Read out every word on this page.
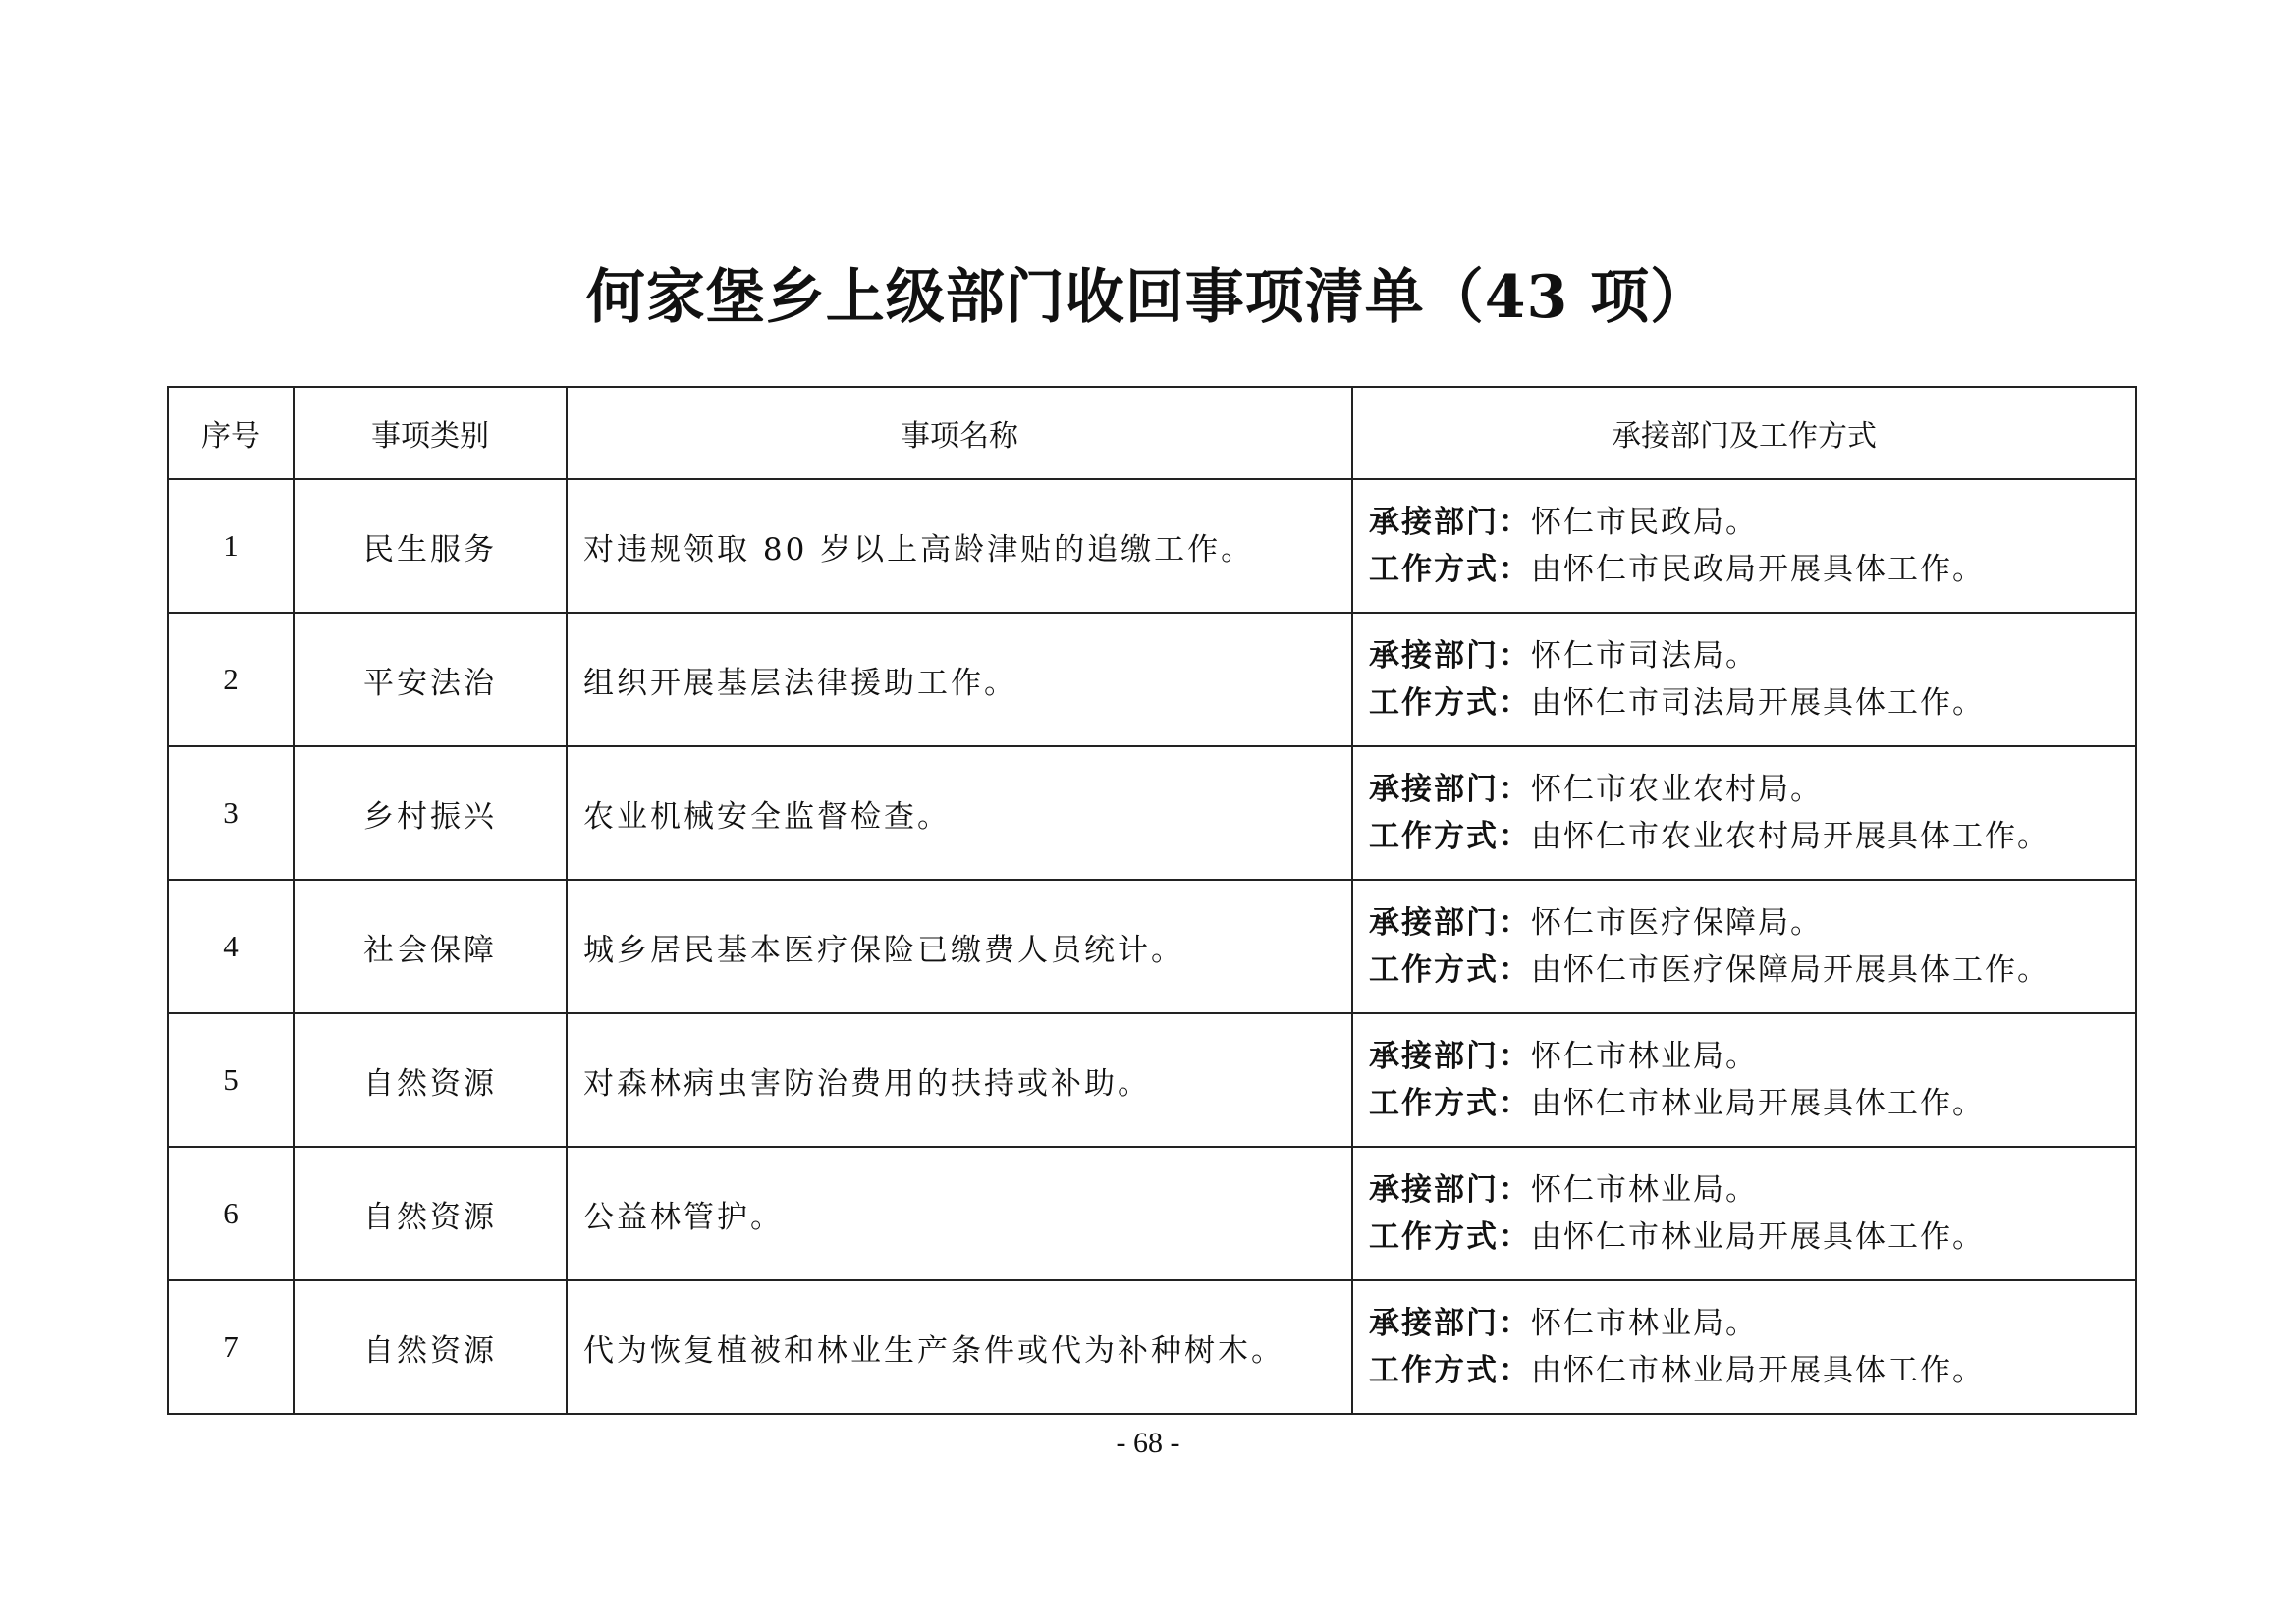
何家堡乡上级部门收回事项清单（43 项）
序号	事项类别	事项名称	承接部门及工作方式
1	民生服务	对违规领取 80 岁以上高龄津贴的追缴工作。	承接部门：怀仁市民政局。
工作方式：由怀仁市民政局开展具体工作。

2	平安法治	组织开展基层法律援助工作。	承接部门：怀仁市司法局。
工作方式：由怀仁市司法局开展具体工作。

3	乡村振兴	农业机械安全监督检查。	承接部门：怀仁市农业农村局。
工作方式：由怀仁市农业农村局开展具体工作。

4	社会保障	城乡居民基本医疗保险已缴费人员统计。	承接部门：怀仁市医疗保障局。
工作方式：由怀仁市医疗保障局开展具体工作。

5	自然资源	对森林病虫害防治费用的扶持或补助。	承接部门：怀仁市林业局。
工作方式：由怀仁市林业局开展具体工作。

6	自然资源	公益林管护。	承接部门：怀仁市林业局。
工作方式：由怀仁市林业局开展具体工作。

7	自然资源	代为恢复植被和林业生产条件或代为补种树木。	承接部门：怀仁市林业局。
工作方式：由怀仁市林业局开展具体工作。
- 68 -
